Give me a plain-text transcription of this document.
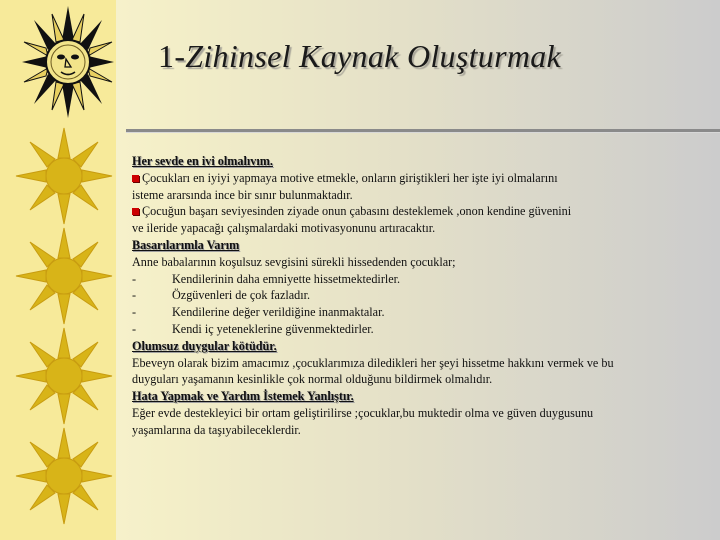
1-Zihinsel Kaynak Oluşturmak
Her sevde en ivi olmalıvım.
Çocukları en iyiyi yapmaya motive etmekle, onların giriştikleri her işte iyi olmalarını
isteme ararsında ince bir sınır bulunmaktadır.
Çocuğun başarı seviyesinden ziyade onun çabasını desteklemek ,onon kendine güvenini
ve ileride yapacağı çalışmalardaki motivasyonunu artıracaktır.
Basarılarımla Varım
Anne babalarının koşulsuz sevgisini sürekli hissedenden çocuklar;
-	Kendilerinin daha emniyette hissetmektedirler.
-	Özgüvenleri de çok fazladır.
-	Kendilerine değer verildiğine inanmaktalar.
-	Kendi iç yeteneklerine güvenmektedirler.
Olumsuz duygular kötüdür.
Ebeveyn olarak bizim amacımız ,çocuklarımıza diledikleri her şeyi hissetme hakkını vermek ve bu
duyguları yaşamanın kesinlikle çok normal olduğunu bildirmek olmalıdır.
Hata Yapmak ve Yardım İstemek Yanlıştır.
Eğer evde destekleyici bir ortam geliştirilirse ;çocuklar,bu muktedir olma ve güven duygusunu
yaşamlarına da taşıyabileceklerdir.
